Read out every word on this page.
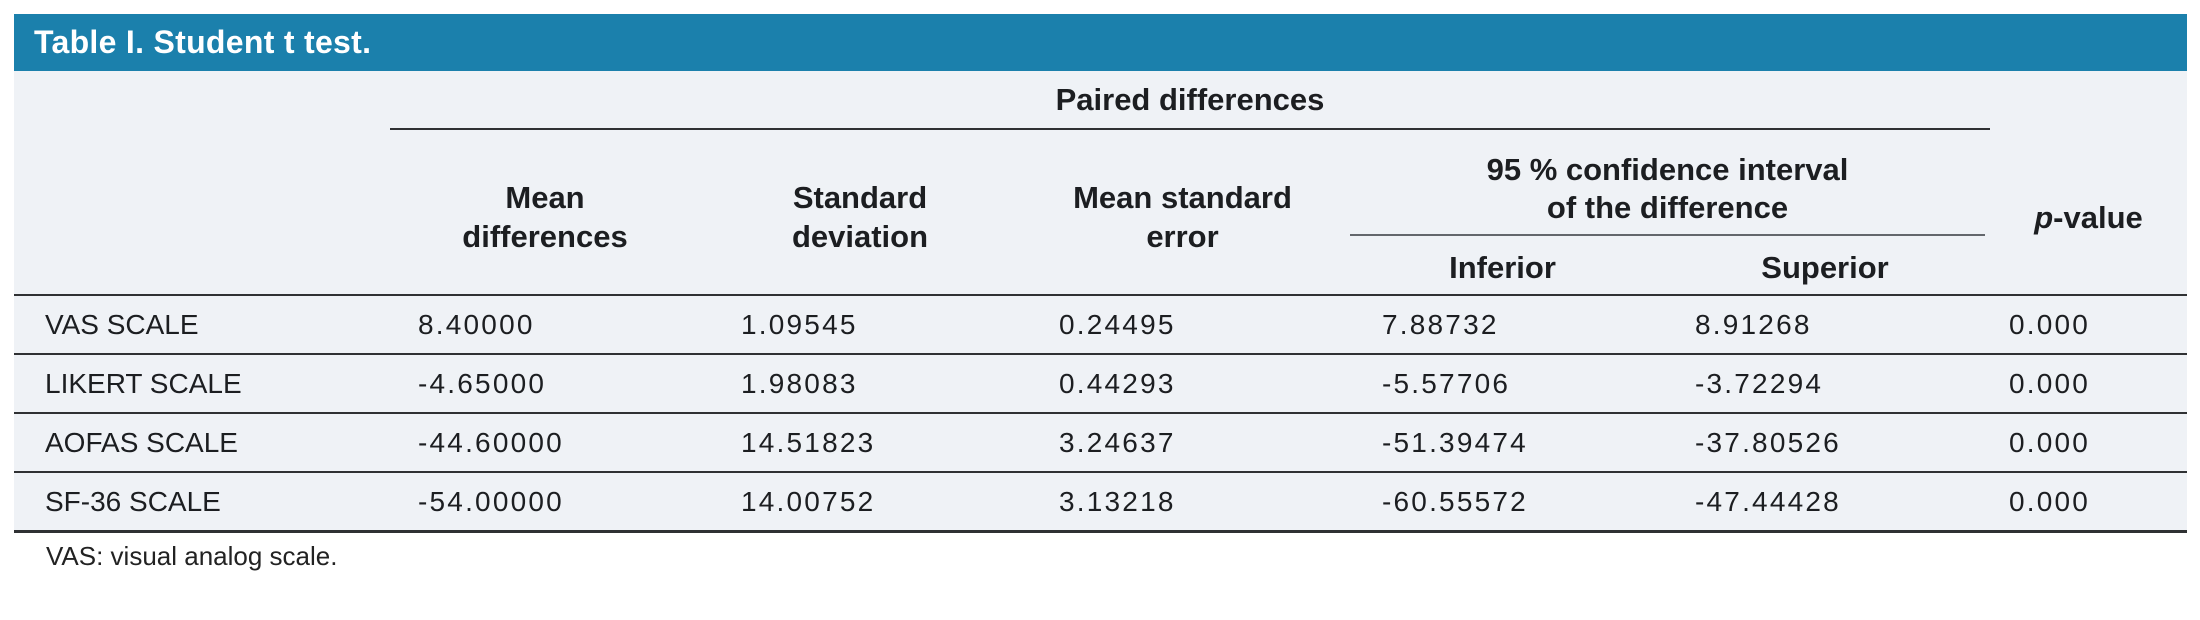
Table I. Student t test.
Paired differences
Mean
differences
Standard
deviation
Mean standard
error
95 % confidence interval
of the difference
Inferior	Superior
p-value
VAS SCALE	8.40000	1.09545	0.24495	7.88732	8.91268	0.000
LIKERT SCALE	-4.65000	1.98083	0.44293	-5.57706	-3.72294	0.000
AOFAS SCALE	-44.60000	14.51823	3.24637	-51.39474	-37.80526	0.000
SF-36 SCALE	-54.00000	14.00752	3.13218	-60.55572	-47.44428	0.000
VAS: visual analog scale.
